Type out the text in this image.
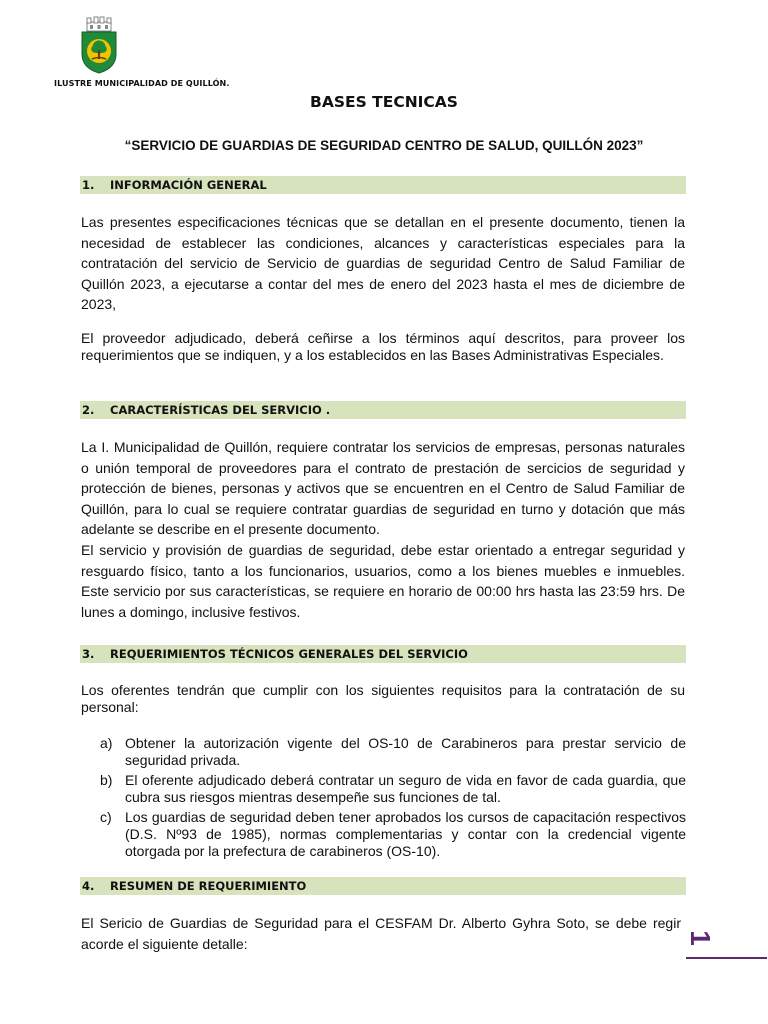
ILUSTRE MUNICIPALIDAD DE QUILLÓN.
BASES TECNICAS
“SERVICIO DE GUARDIAS DE SEGURIDAD CENTRO DE SALUD, QUILLÓN 2023”
1.	INFORMACIÓN GENERAL

Las presentes especificaciones técnicas que se detallan en el presente documento, tienen la necesidad de establecer las condiciones, alcances y características especiales para la contratación del servicio de Servicio de guardias de seguridad Centro de Salud Familiar de Quillón 2023, a ejecutarse a contar del mes de enero del 2023 hasta el mes de diciembre de 2023,

El proveedor adjudicado, deberá ceñirse a los términos aquí descritos, para proveer los requerimientos que se indiquen, y a los establecidos en las Bases Administrativas Especiales.

2.	CARACTERÍSTICAS DEL SERVICIO .

La I. Municipalidad de Quillón, requiere contratar los servicios de empresas, personas naturales o unión temporal de proveedores para el contrato de prestación de sercicios de seguridad y protección de bienes, personas y activos que se encuentren en el Centro de Salud Familiar de Quillón, para lo cual se requiere contratar guardias de seguridad en turno y dotación que más adelante se describe en el presente documento.

El servicio y provisión de guardias de seguridad, debe estar orientado a entregar seguridad y resguardo físico, tanto a los funcionarios, usuarios, como a los bienes muebles e inmuebles. Este servicio por sus características, se requiere en horario de 00:00 hrs hasta las 23:59 hrs. De lunes a domingo, inclusive festivos.

3.	REQUERIMIENTOS TÉCNICOS GENERALES DEL SERVICIO

Los oferentes tendrán que cumplir con los siguientes requisitos para la contratación de su personal:

a) Obtener la autorización vigente del OS-10 de Carabineros para prestar servicio de seguridad privada.
b) El oferente adjudicado deberá contratar un seguro de vida en favor de cada guardia, que cubra sus riesgos mientras desempeñe sus funciones de tal.
c) Los guardias de seguridad deben tener aprobados los cursos de capacitación respectivos (D.S. Nº93 de 1985), normas complementarias y contar con la credencial vigente otorgada por la prefectura de carabineros (OS-10).
4.	RESUMEN DE REQUERIMIENTO

El Sericio de Guardias de Seguridad para el CESFAM Dr. Alberto Gyhra Soto, se debe regir acorde el siguiente detalle:	1
